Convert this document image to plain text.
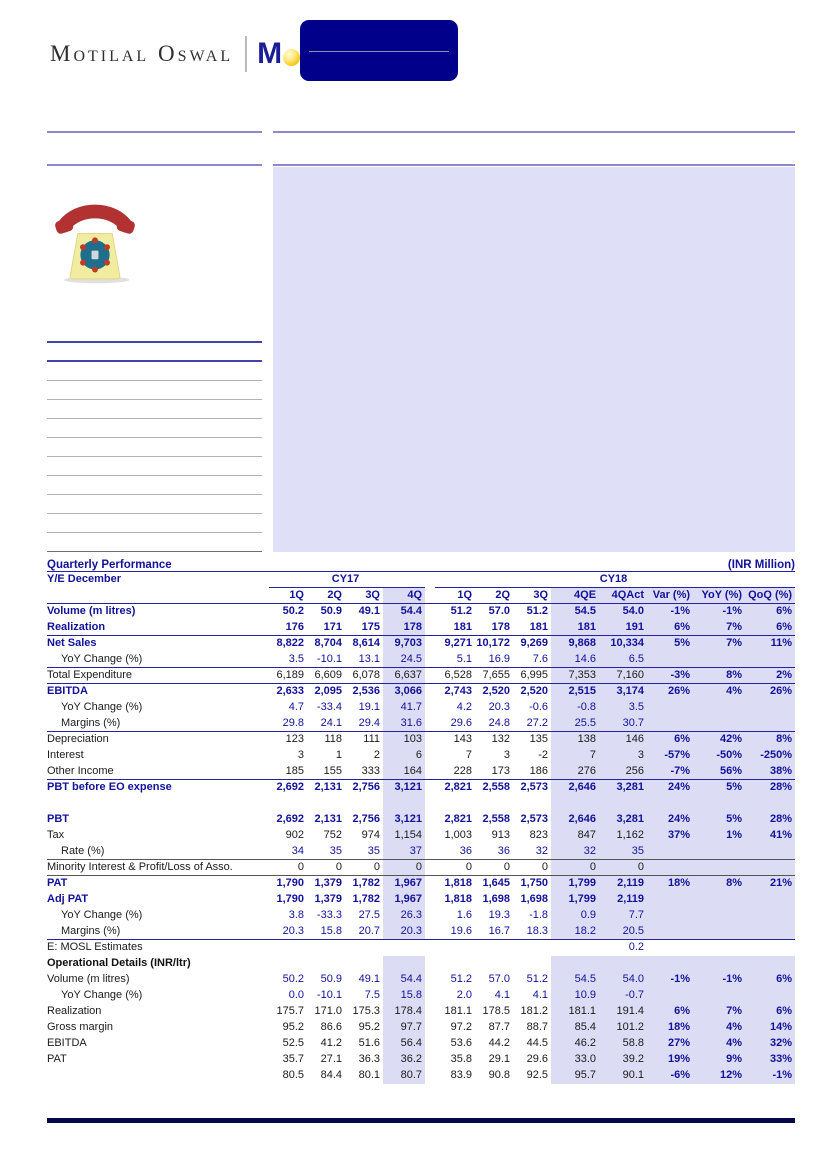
Motilal Oswal M
Quarterly Performance	(INR Million)
Y/E December	CY17					CY18							
	1Q	2Q	3Q	4Q		1Q	2Q	3Q	4QE	4QAct	Var (%)	YoY (%)	QoQ (%)
Volume (m litres)	50.2	50.9	49.1	54.4		51.2	57.0	51.2	54.5	54.0	-1%	-1%	6%
Realization	176	171	175	178		181	178	181	181	191	6%	7%	6%
Net Sales	8,822	8,704	8,614	9,703		9,271	10,172	9,269	9,868	10,334	5%	7%	11%
YoY Change (%)	3.5	-10.1	13.1	24.5		5.1	16.9	7.6	14.6	6.5			
Total Expenditure	6,189	6,609	6,078	6,637		6,528	7,655	6,995	7,353	7,160	-3%	8%	2%
EBITDA	2,633	2,095	2,536	3,066		2,743	2,520	2,520	2,515	3,174	26%	4%	26%
YoY Change (%)	4.7	-33.4	19.1	41.7		4.2	20.3	-0.6	-0.8	3.5			
Margins (%)	29.8	24.1	29.4	31.6		29.6	24.8	27.2	25.5	30.7			
Depreciation	123	118	111	103		143	132	135	138	146	6%	42%	8%
Interest	3	1	2	6		7	3	-2	7	3	-57%	-50%	-250%
Other Income	185	155	333	164		228	173	186	276	256	-7%	56%	38%
PBT before EO expense	2,692	2,131	2,756	3,121		2,821	2,558	2,573	2,646	3,281	24%	5%	28%

PBT	2,692	2,131	2,756	3,121		2,821	2,558	2,573	2,646	3,281	24%	5%	28%
Tax	902	752	974	1,154		1,003	913	823	847	1,162	37%	1%	41%
Rate (%)	34	35	35	37		36	36	32	32	35			
Minority Interest & Profit/Loss of Asso.	0	0	0	0		0	0	0	0	0			
PAT	1,790	1,379	1,782	1,967		1,818	1,645	1,750	1,799	2,119	18%	8%	21%
Adj PAT	1,790	1,379	1,782	1,967		1,818	1,698	1,698	1,799	2,119			
YoY Change (%)	3.8	-33.3	27.5	26.3		1.6	19.3	-1.8	0.9	7.7			
Margins (%)	20.3	15.8	20.7	20.3		19.6	16.7	18.3	18.2	20.5			
E: MOSL Estimates										0.2			
Operational Details (INR/ltr)													
Volume (m litres)	50.2	50.9	49.1	54.4		51.2	57.0	51.2	54.5	54.0	-1%	-1%	6%
YoY Change (%)	0.0	-10.1	7.5	15.8		2.0	4.1	4.1	10.9	-0.7			
Realization	175.7	171.0	175.3	178.4		181.1	178.5	181.2	181.1	191.4	6%	7%	6%
Gross margin	95.2	86.6	95.2	97.7		97.2	87.7	88.7	85.4	101.2	18%	4%	14%
EBITDA	52.5	41.2	51.6	56.4		53.6	44.2	44.5	46.2	58.8	27%	4%	32%
PAT	35.7	27.1	36.3	36.2		35.8	29.1	29.6	33.0	39.2	19%	9%	33%
	80.5	84.4	80.1	80.7		83.9	90.8	92.5	95.7	90.1	-6%	12%	-1%
